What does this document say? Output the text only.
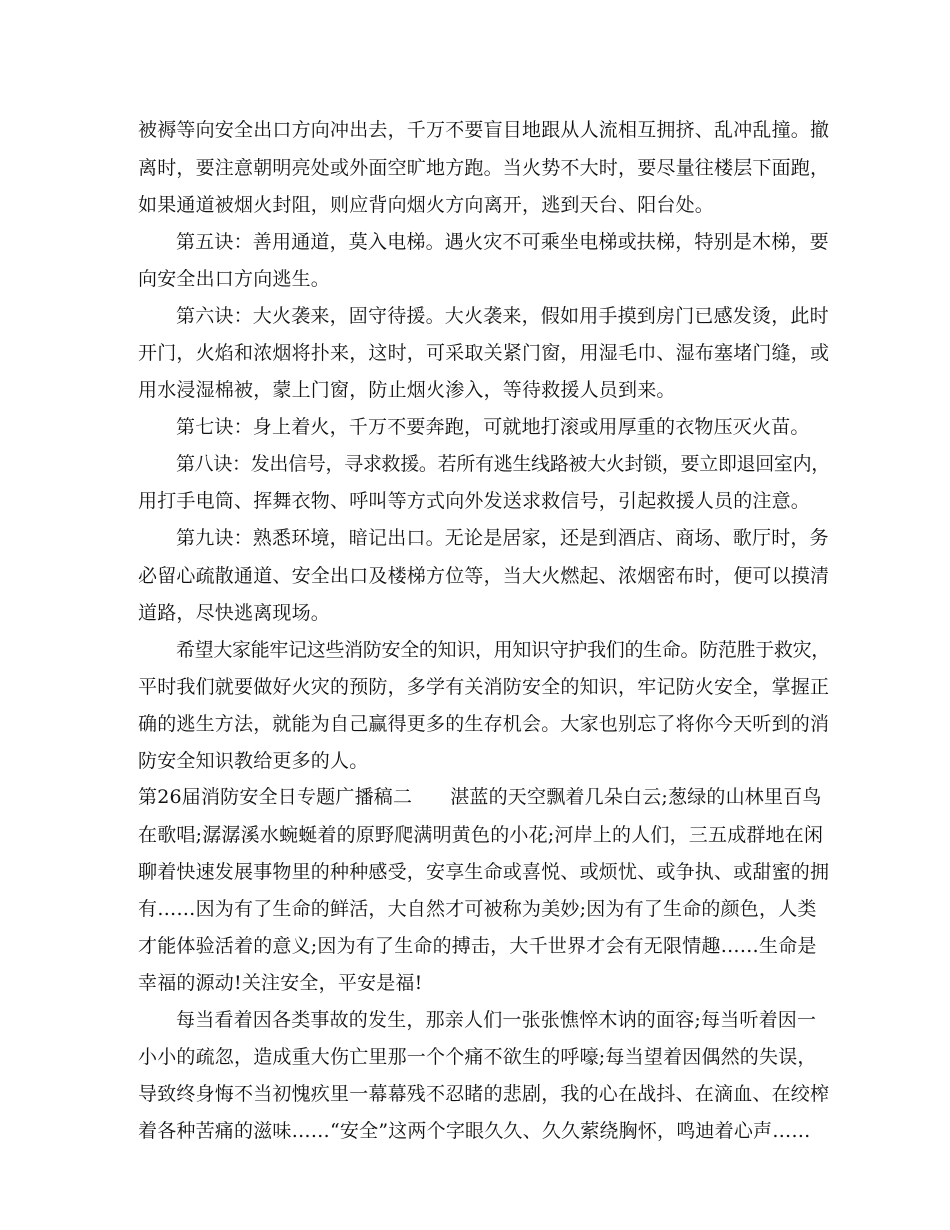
被褥等向安全出口方向冲出去，千万不要盲目地跟从人流相互拥挤、乱冲乱撞。撤
离时，要注意朝明亮处或外面空旷地方跑。当火势不大时，要尽量往楼层下面跑，
如果通道被烟火封阻，则应背向烟火方向离开，逃到天台、阳台处。
第五诀：善用通道，莫入电梯。遇火灾不可乘坐电梯或扶梯，特别是木梯，要
向安全出口方向逃生。
第六诀：大火袭来，固守待援。大火袭来，假如用手摸到房门已感发烫，此时
开门，火焰和浓烟将扑来，这时，可采取关紧门窗，用湿毛巾、湿布塞堵门缝，或
用水浸湿棉被，蒙上门窗，防止烟火渗入，等待救援人员到来。
第七诀：身上着火，千万不要奔跑，可就地打滚或用厚重的衣物压灭火苗。
第八诀：发出信号，寻求救援。若所有逃生线路被大火封锁，要立即退回室内，
用打手电筒、挥舞衣物、呼叫等方式向外发送求救信号，引起救援人员的注意。
第九诀：熟悉环境，暗记出口。无论是居家，还是到酒店、商场、歌厅时，务
必留心疏散通道、安全出口及楼梯方位等，当大火燃起、浓烟密布时，便可以摸清
道路，尽快逃离现场。
希望大家能牢记这些消防安全的知识，用知识守护我们的生命。防范胜于救灾，
平时我们就要做好火灾的预防，多学有关消防安全的知识，牢记防火安全，掌握正
确的逃生方法，就能为自己赢得更多的生存机会。大家也别忘了将你今天听到的消
防安全知识教给更多的人。
第26届消防安全日专题广播稿二 湛蓝的天空飘着几朵白云;葱绿的山林里百鸟
在歌唱;潺潺溪水蜿蜒着的原野爬满明黄色的小花;河岸上的人们，三五成群地在闲
聊着快速发展事物里的种种感受，安享生命或喜悦、或烦忧、或争执、或甜蜜的拥
有……因为有了生命的鲜活，大自然才可被称为美妙;因为有了生命的颜色，人类
才能体验活着的意义;因为有了生命的搏击，大千世界才会有无限情趣……生命是
幸福的源动!关注安全，平安是福!
每当看着因各类事故的发生，那亲人们一张张憔悴木讷的面容;每当听着因一
小小的疏忽，造成重大伤亡里那一个个痛不欲生的呼嚎;每当望着因偶然的失误，
导致终身悔不当初愧疚里一幕幕残不忍睹的悲剧，我的心在战抖、在滴血、在绞榨
着各种苦痛的滋味……“安全”这两个字眼久久、久久萦绕胸怀，鸣迪着心声……
